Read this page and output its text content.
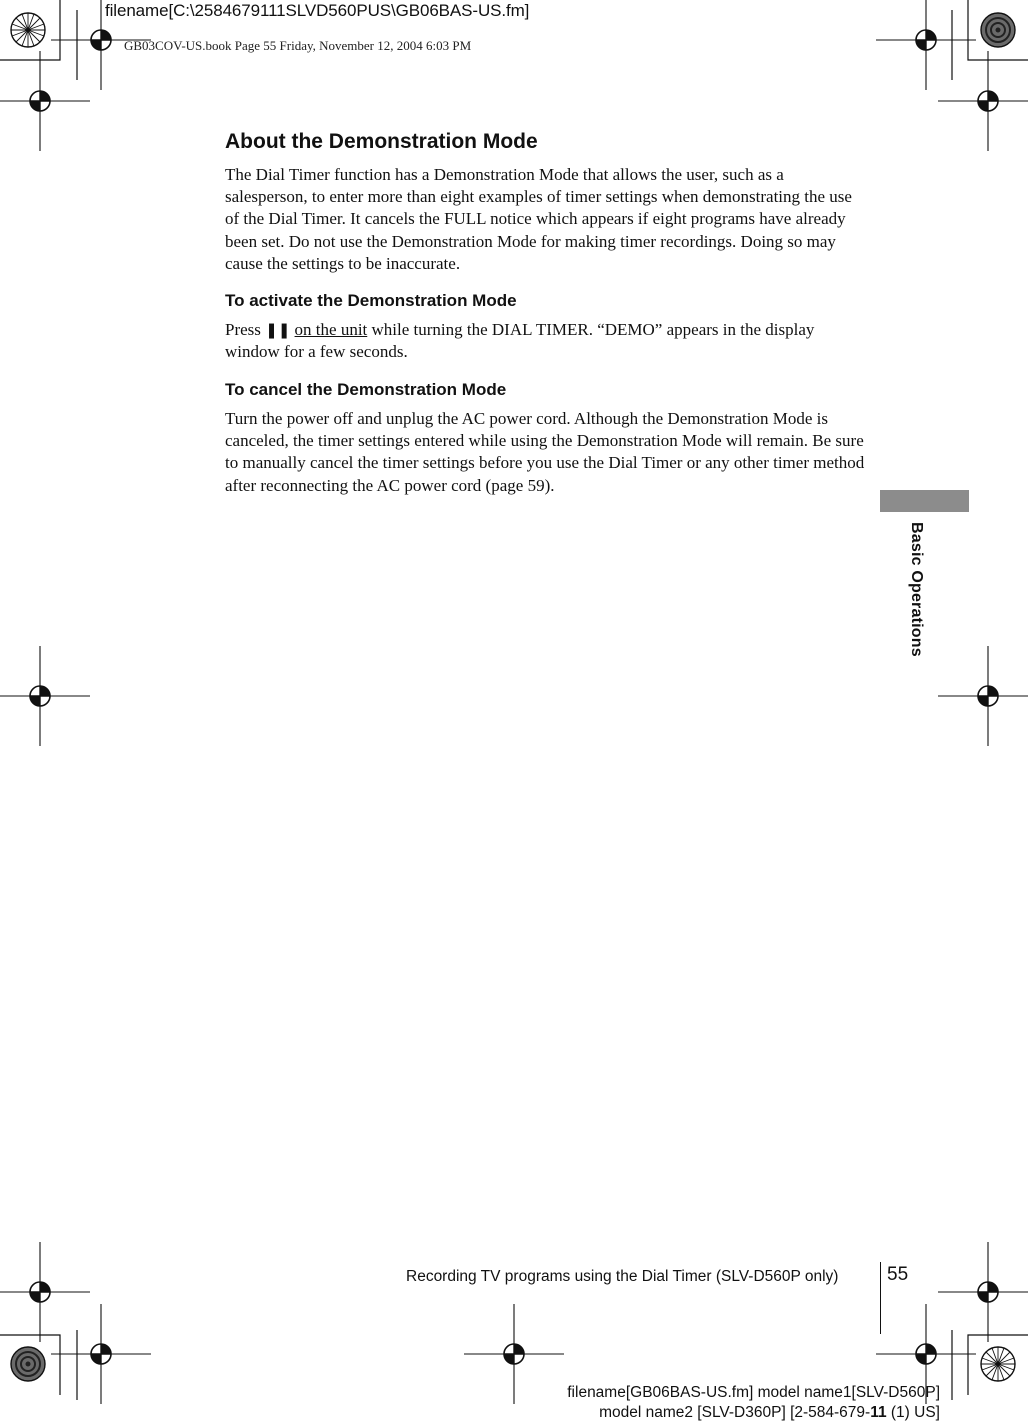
filename[C:\2584679111SLVD560PUS\GB06BAS-US.fm]
GB03COV-US.book Page 55 Friday, November 12, 2004 6:03 PM
About the Demonstration Mode

The Dial Timer function has a Demonstration Mode that allows the user, such as a salesperson, to enter more than eight examples of timer settings when demonstrating the use of the Dial Timer. It cancels the FULL notice which appears if eight programs have already been set. Do not use the Demonstration Mode for making timer recordings. Doing so may cause the settings to be inaccurate.

To activate the Demonstration Mode

Press ❚❚ on the unit while turning the DIAL TIMER. “DEMO” appears in the display window for a few seconds.

To cancel the Demonstration Mode

Turn the power off and unplug the AC power cord. Although the Demonstration Mode is canceled, the timer settings entered while using the Demonstration Mode will remain. Be sure to manually cancel the timer settings before you use the Dial Timer or any other timer method after reconnecting the AC power cord (page 59).

Basic Operations
Recording TV programs using the Dial Timer (SLV-D560P only)	55
filename[GB06BAS-US.fm] model name1[SLV-D560P]
model name2 [SLV-D360P] [2-584-679-11 (1) US]
